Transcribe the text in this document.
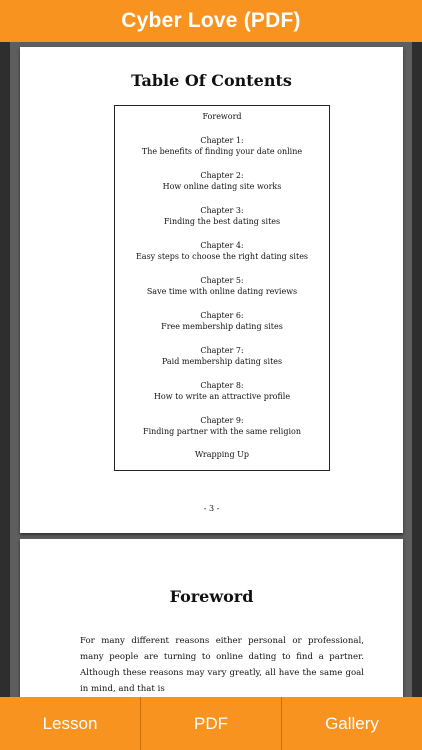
Cyber Love (PDF)
Table Of Contents
Foreword
Chapter 1:
The benefits of finding your date online
Chapter 2:
How online dating site works
Chapter 3:
Finding the best dating sites
Chapter 4:
Easy steps to choose the right dating sites
Chapter 5:
Save time with online dating reviews
Chapter 6:
Free membership dating sites
Chapter 7:
Paid membership dating sites
Chapter 8:
How to write an attractive profile
Chapter 9:
Finding partner with the same religion
Wrapping Up
- 3 -
Foreword
For many different reasons either personal or professional, many people are turning to online dating to find a partner. Although these reasons may vary greatly, all have the same goal in mind, and that is
Lesson	PDF	Gallery
